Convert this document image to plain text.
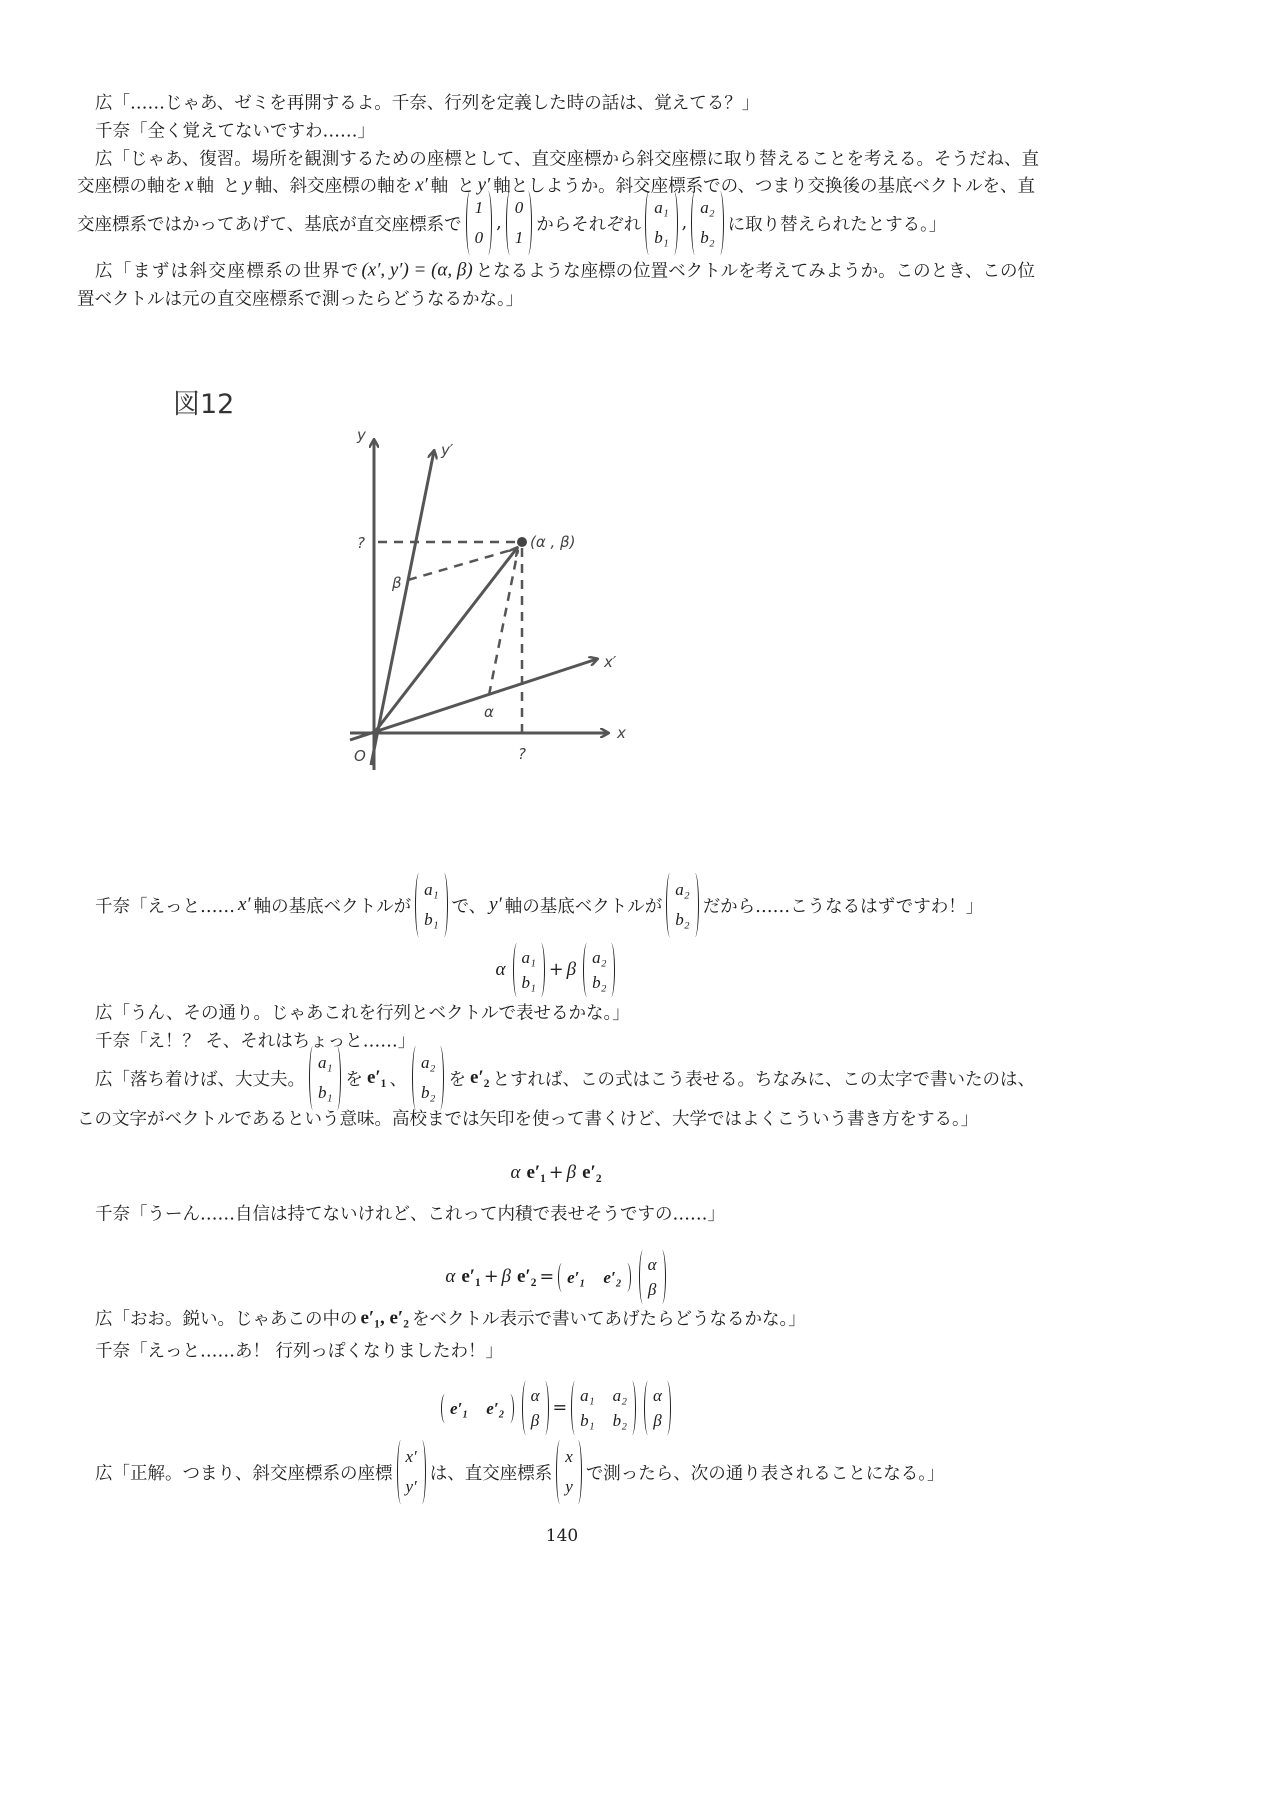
広「……じゃあ、ゼミを再開するよ。千奈、行列を定義した時の話は、覚えてる？」
千奈「全く覚えてないですわ……」
広「じゃあ、復習。場所を観測するための座標として、直交座標から斜交座標に取り替えることを考える。そうだね、直
交座標の軸を x 軸と y 軸、斜交座標の軸を x′ 軸と y′ 軸としようか。斜交座標系での、つまり交換後の基底ベクトルを、直
交座標系ではかってあげて、基底が直交座標系で
1
0
,
0
1
からそれぞれ
a₁
b₁
,
a₂
b₂
に取り替えられたとする。」
広「まずは斜交座標系の世界で (x′, y′) = (α, β) となるような座標の位置ベクトルを考えてみようか。このとき、この位
置ベクトルは元の直交座標系で測ったらどうなるかな。」
千奈「えっと…… x′ 軸の基底ベクトルが
a₁
b₁
で、 y′ 軸の基底ベクトルが
a₂
b₂
だから……こうなるはずですわ！」
α
a₁
b₁
+ β
a₂
b₂
広「うん、その通り。じゃあこれを行列とベクトルで表せるかな。」
千奈「え！？ そ、それはちょっと……」
広「落ち着けば、大丈夫。
a₁
b₁
を e′₁ 、
a₂
b₂
を e′₂ とすれば、この式はこう表せる。ちなみに、この太字で書いたのは、
この文字がベクトルであるという意味。高校までは矢印を使って書くけど、大学ではよくこういう書き方をする。」
α e′₁ + β e′₂
千奈「うーん……自信は持てないけれど、これって内積で表せそうですの……」
α e′₁ + β e′₂ = e′₁ e′₂
α
β
広「おお。鋭い。じゃあこの中の e′₁, e′₂ をベクトル表示で書いてあげたらどうなるかな。」
千奈「えっと……あ！ 行列っぽくなりましたわ！」
e′₁ e′₂
α
β
=
a₁ a₂
b₁ b₂
α
β
広「正解。つまり、斜交座標系の座標
x′
y′
は、直交座標系
x
y
で測ったら、次の通り表されることになる。」
図12
y
y′
?	(α , β)
β
x′
α
x
O	?
140
